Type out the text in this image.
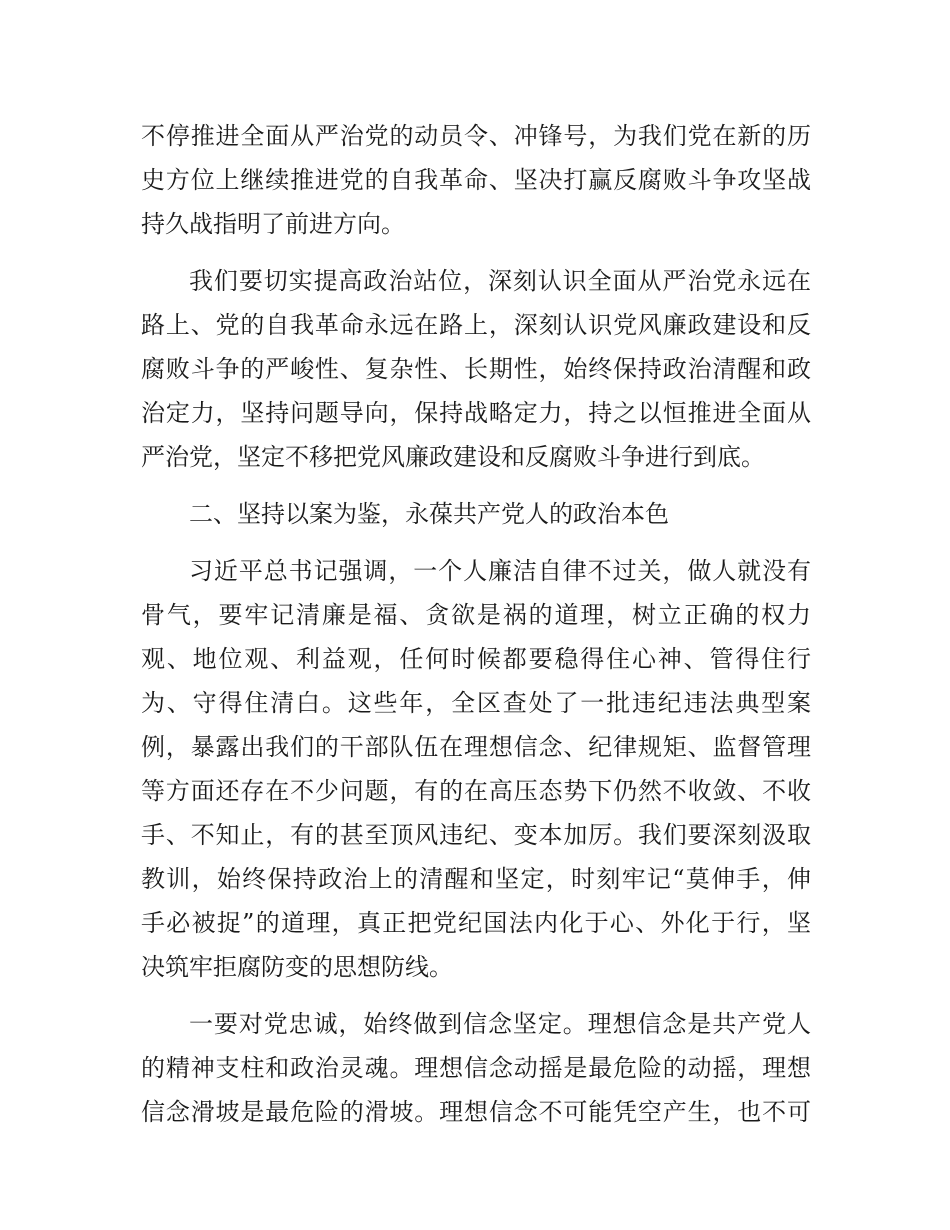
不停推进全面从严治党的动员令、冲锋号，为我们党在新的历
史方位上继续推进党的自我革命、坚决打赢反腐败斗争攻坚战
持久战指明了前进方向。
我们要切实提高政治站位，深刻认识全面从严治党永远在
路上、党的自我革命永远在路上，深刻认识党风廉政建设和反
腐败斗争的严峻性、复杂性、长期性，始终保持政治清醒和政
治定力，坚持问题导向，保持战略定力，持之以恒推进全面从
严治党，坚定不移把党风廉政建设和反腐败斗争进行到底。
二、坚持以案为鉴，永葆共产党人的政治本色
习近平总书记强调，一个人廉洁自律不过关，做人就没有
骨气，要牢记清廉是福、贪欲是祸的道理，树立正确的权力
观、地位观、利益观，任何时候都要稳得住心神、管得住行
为、守得住清白。这些年，全区查处了一批违纪违法典型案
例，暴露出我们的干部队伍在理想信念、纪律规矩、监督管理
等方面还存在不少问题，有的在高压态势下仍然不收敛、不收
手、不知止，有的甚至顶风违纪、变本加厉。我们要深刻汲取
教训，始终保持政治上的清醒和坚定，时刻牢记“莫伸手，伸
手必被捉”的道理，真正把党纪国法内化于心、外化于行，坚
决筑牢拒腐防变的思想防线。
一要对党忠诚，始终做到信念坚定。理想信念是共产党人
的精神支柱和政治灵魂。理想信念动摇是最危险的动摇，理想
信念滑坡是最危险的滑坡。理想信念不可能凭空产生，也不可
